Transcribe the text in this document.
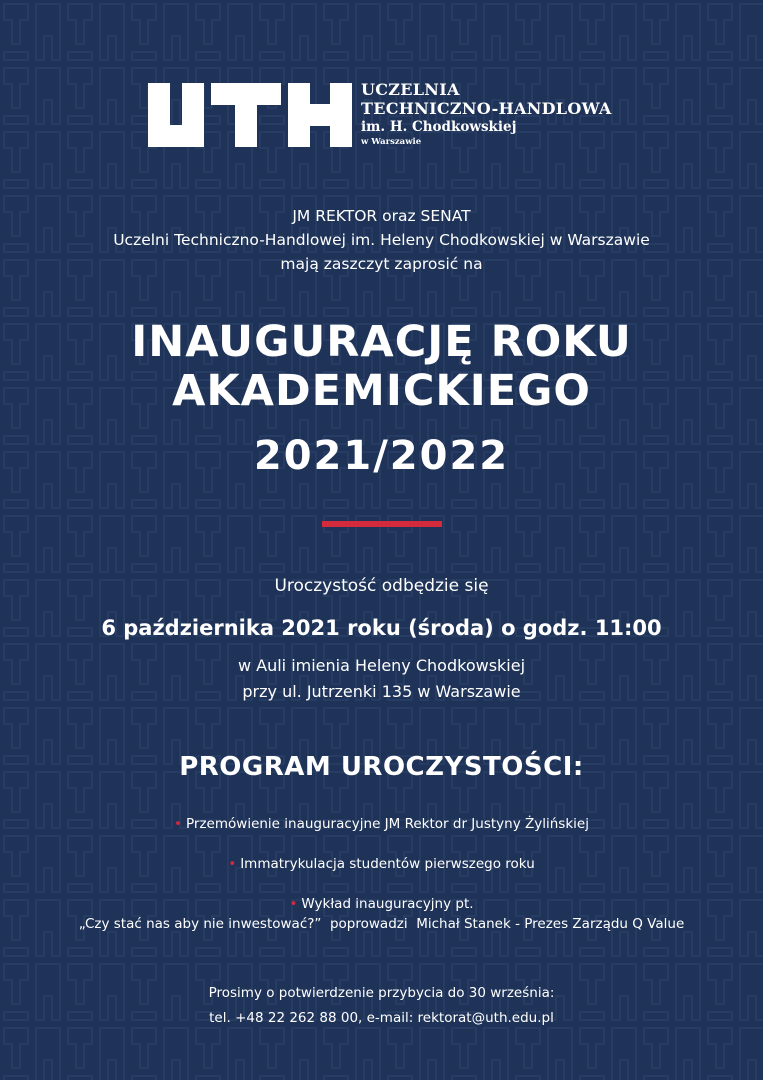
UCZELNIA
TECHNICZNO-HANDLOWA
im. H. Chodkowskiej
w Warszawie
JM REKTOR oraz SENAT
Uczelni Techniczno-Handlowej im. Heleny Chodkowskiej w Warszawie
mają zaszczyt zaprosić na
INAUGURACJĘ ROKU
AKADEMICKIEGO
2021/2022
Uroczystość odbędzie się
6 października 2021 roku (środa) o godz. 11:00
w Auli imienia Heleny Chodkowskiej
przy ul. Jutrzenki 135 w Warszawie
PROGRAM UROCZYSTOŚCI:
• Przemówienie inauguracyjne JM Rektor dr Justyny Żylińskiej
• Immatrykulacja studentów pierwszego roku
• Wykład inauguracyjny pt.
„Czy stać nas aby nie inwestować?”  poprowadzi  Michał Stanek - Prezes Zarządu Q Value
Prosimy o potwierdzenie przybycia do 30 września:
tel. +48 22 262 88 00, e-mail: rektorat@uth.edu.pl
